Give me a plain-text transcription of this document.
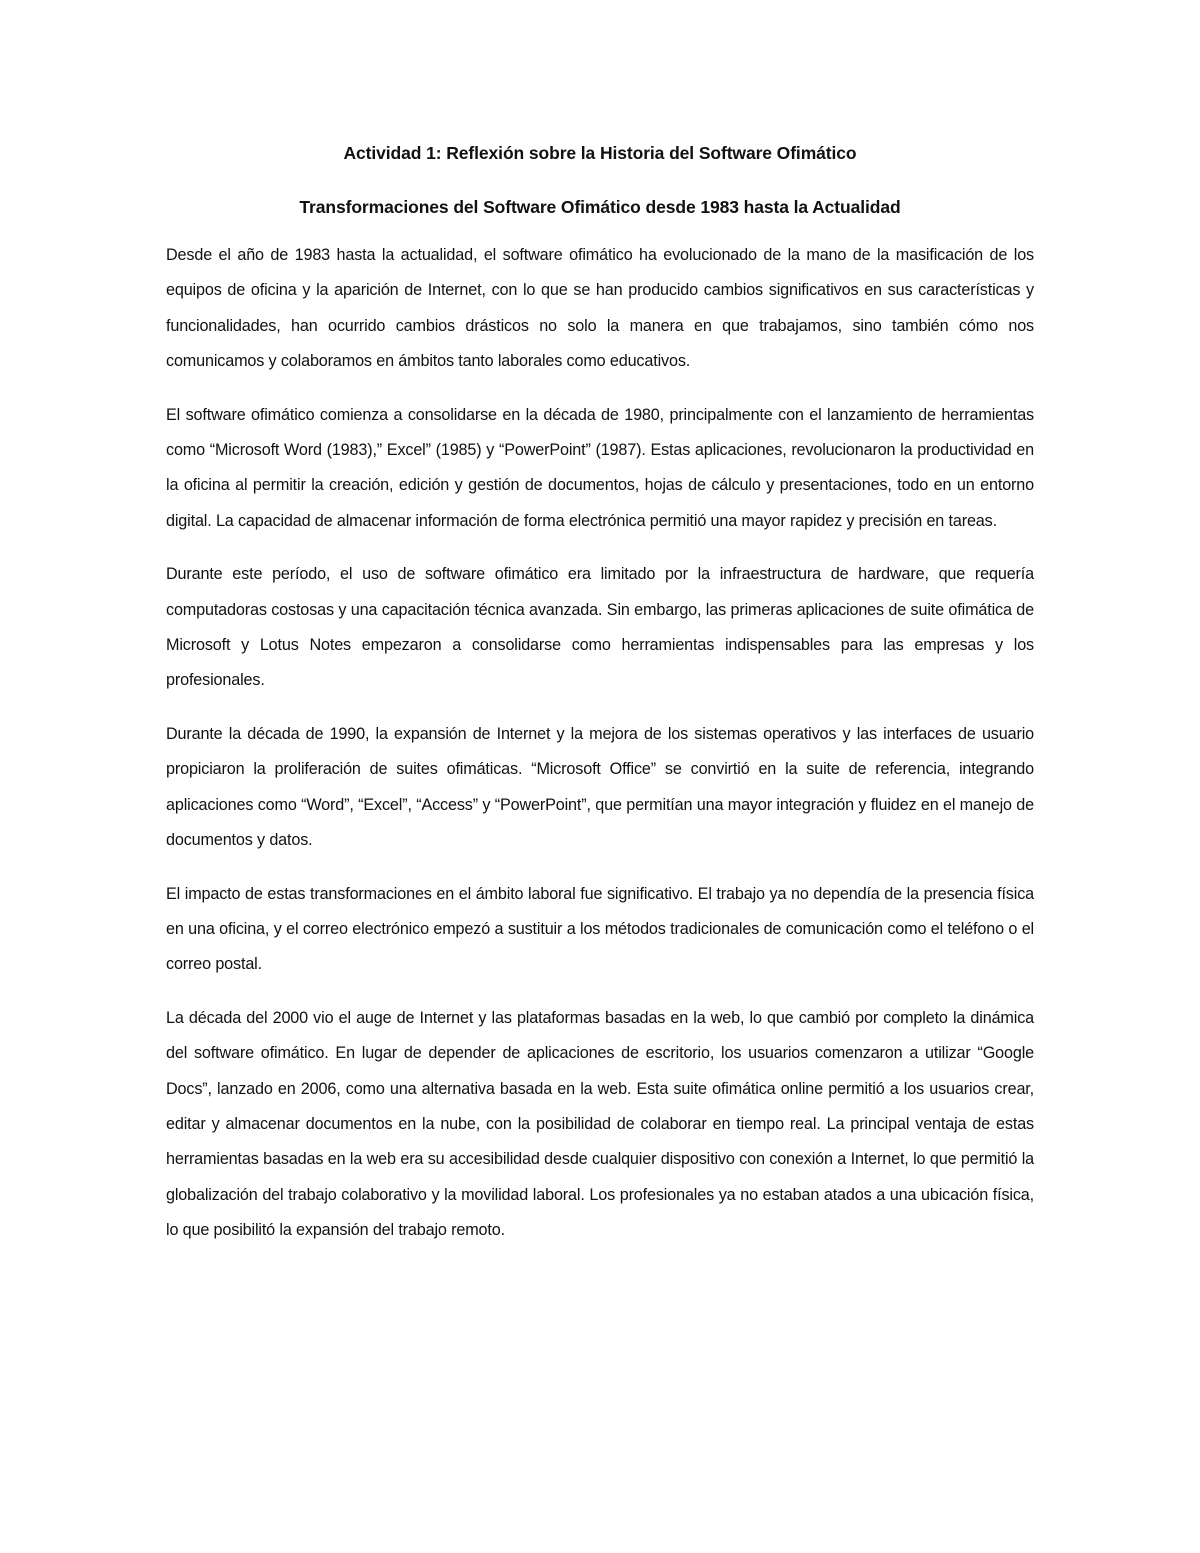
Actividad 1: Reflexión sobre la Historia del Software Ofimático
Transformaciones del Software Ofimático desde 1983 hasta la Actualidad

Desde el año de 1983 hasta la actualidad, el software ofimático ha evolucionado de la mano de la masificación de los equipos de oficina y la aparición de Internet, con lo que se han producido cambios significativos en sus características y funcionalidades, han ocurrido cambios drásticos no solo la manera en que trabajamos, sino también cómo nos comunicamos y colaboramos en ámbitos tanto laborales como educativos.

El software ofimático comienza a consolidarse en la década de 1980, principalmente con el lanzamiento de herramientas como “Microsoft Word (1983),” Excel” (1985) y “PowerPoint” (1987). Estas aplicaciones, revolucionaron la productividad en la oficina al permitir la creación, edición y gestión de documentos, hojas de cálculo y presentaciones, todo en un entorno digital. La capacidad de almacenar información de forma electrónica permitió una mayor rapidez y precisión en tareas.

Durante este período, el uso de software ofimático era limitado por la infraestructura de hardware, que requería computadoras costosas y una capacitación técnica avanzada. Sin embargo, las primeras aplicaciones de suite ofimática de Microsoft y Lotus Notes empezaron a consolidarse como herramientas indispensables para las empresas y los profesionales.

Durante la década de 1990, la expansión de Internet y la mejora de los sistemas operativos y las interfaces de usuario propiciaron la proliferación de suites ofimáticas. “Microsoft Office” se convirtió en la suite de referencia, integrando aplicaciones como “Word”, “Excel”, “Access” y “PowerPoint”, que permitían una mayor integración y fluidez en el manejo de documentos y datos.

El impacto de estas transformaciones en el ámbito laboral fue significativo. El trabajo ya no dependía de la presencia física en una oficina, y el correo electrónico empezó a sustituir a los métodos tradicionales de comunicación como el teléfono o el correo postal.

La década del 2000 vio el auge de Internet y las plataformas basadas en la web, lo que cambió por completo la dinámica del software ofimático. En lugar de depender de aplicaciones de escritorio, los usuarios comenzaron a utilizar “Google Docs”, lanzado en 2006, como una alternativa basada en la web. Esta suite ofimática online permitió a los usuarios crear, editar y almacenar documentos en la nube, con la posibilidad de colaborar en tiempo real. La principal ventaja de estas herramientas basadas en la web era su accesibilidad desde cualquier dispositivo con conexión a Internet, lo que permitió la globalización del trabajo colaborativo y la movilidad laboral. Los profesionales ya no estaban atados a una ubicación física, lo que posibilitó la expansión del trabajo remoto.
